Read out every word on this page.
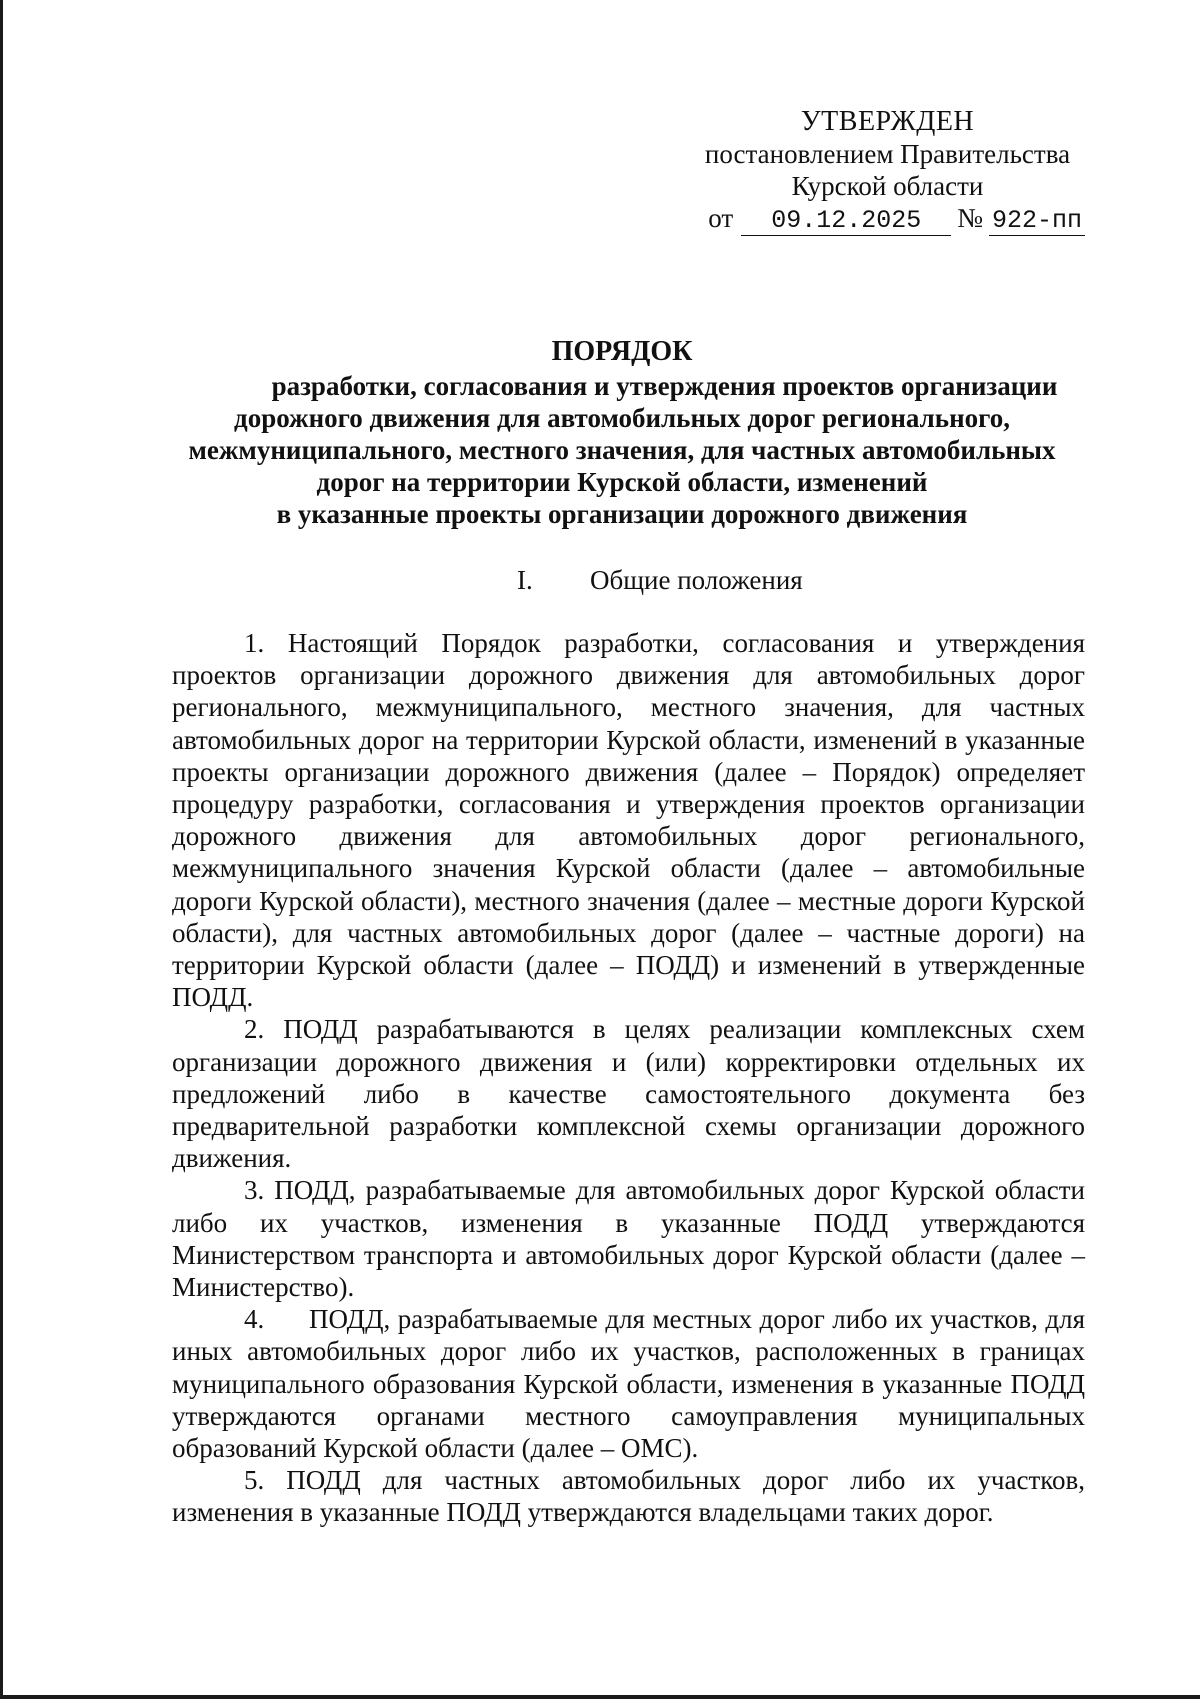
УТВЕРЖДЕН
постановлением Правительства
Курской области
от	09.12.2025	№ 922-пп
ПОРЯДОК
разработки, согласования и утверждения проектов организации
дорожного движения для автомобильных дорог регионального,
межмуниципального, местного значения, для частных автомобильных
дорог на территории Курской области, изменений
в указанные проекты организации дорожного движения
I. Общие положения

1. Настоящий Порядок разработки, согласования и утверждения проектов организации дорожного движения для автомобильных дорог регионального, межмуниципального, местного значения, для частных автомобильных дорог на территории Курской области, изменений в указанные проекты организации дорожного движения (далее – Порядок) определяет процедуру разработки, согласования и утверждения проектов организации дорожного движения для автомобильных дорог регионального, межмуниципального значения Курской области (далее – автомобильные дороги Курской области), местного значения (далее – местные дороги Курской области), для частных автомобильных дорог (далее – частные дороги) на территории Курской области (далее – ПОДД) и изменений в утвержденные ПОДД.

2. ПОДД разрабатываются в целях реализации комплексных схем организации дорожного движения и (или) корректировки отдельных их предложений либо в качестве самостоятельного документа без предварительной разработки комплексной схемы организации дорожного движения.

3. ПОДД, разрабатываемые для автомобильных дорог Курской области либо их участков, изменения в указанные ПОДД утверждаются Министерством транспорта и автомобильных дорог Курской области (далее – Министерство).

4.      ПОДД, разрабатываемые для местных дорог либо их участков, для иных автомобильных дорог либо их участков, расположенных в границах муниципального образования Курской области, изменения в указанные ПОДД утверждаются органами местного самоуправления муниципальных образований Курской области (далее – ОМС).

5. ПОДД для частных автомобильных дорог либо их участков, изменения в указанные ПОДД утверждаются владельцами таких дорог.
